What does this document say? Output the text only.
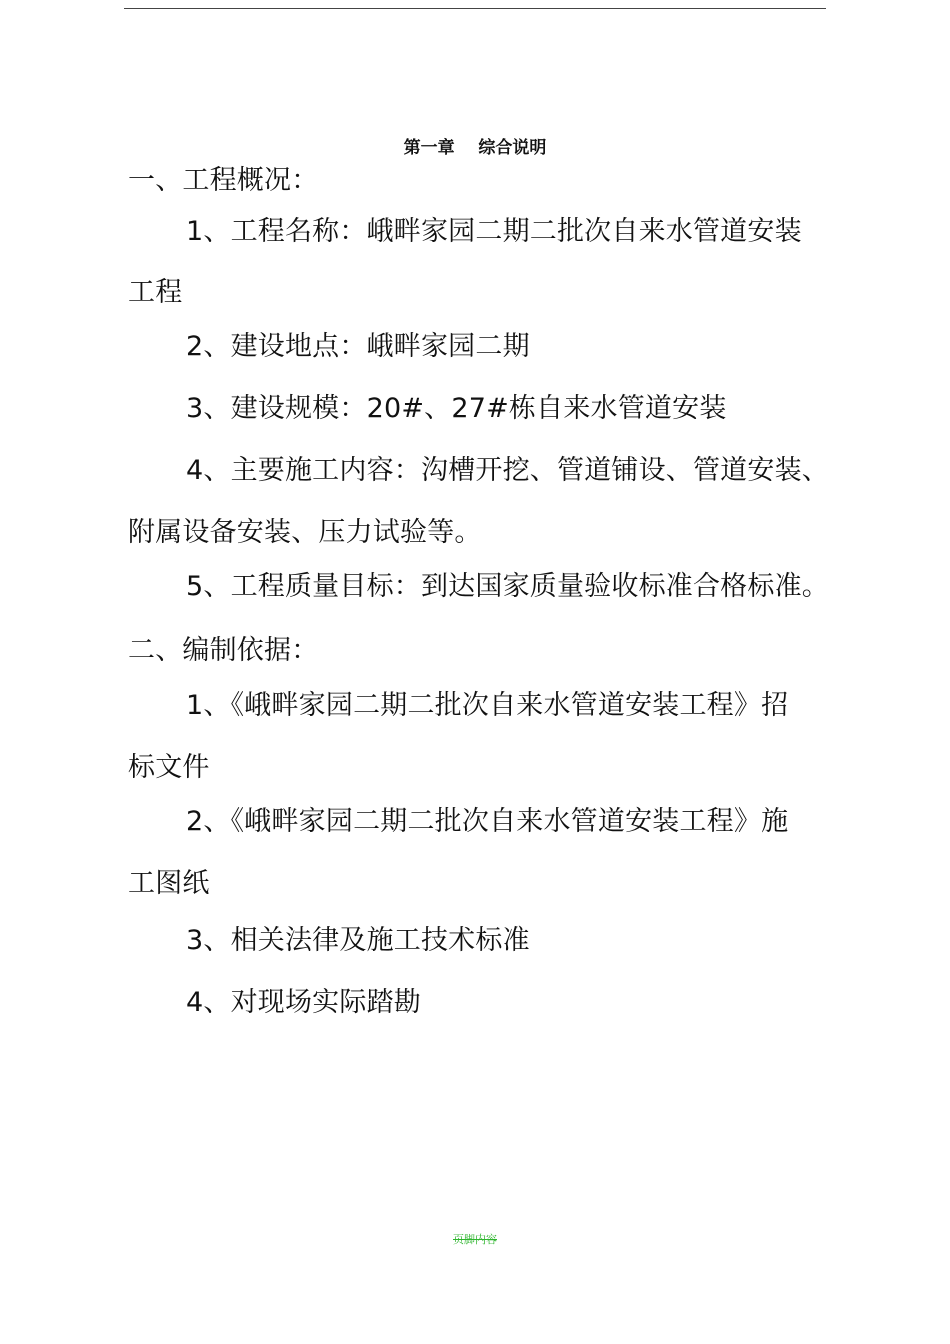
第一章    综合说明
一、工程概况：
1、工程名称：峨畔家园二期二批次自来水管道安装
工程
2、建设地点：峨畔家园二期
3、建设规模：20#、27#栋自来水管道安装
4、主要施工内容：沟槽开挖、管道铺设、管道安装、
附属设备安装、压力试验等。
5、工程质量目标：到达国家质量验收标准合格标准。
二、编制依据：
1、《峨畔家园二期二批次自来水管道安装工程》招
标文件
2、《峨畔家园二期二批次自来水管道安装工程》施
工图纸
3、相关法律及施工技术标准
4、对现场实际踏勘
页脚内容
